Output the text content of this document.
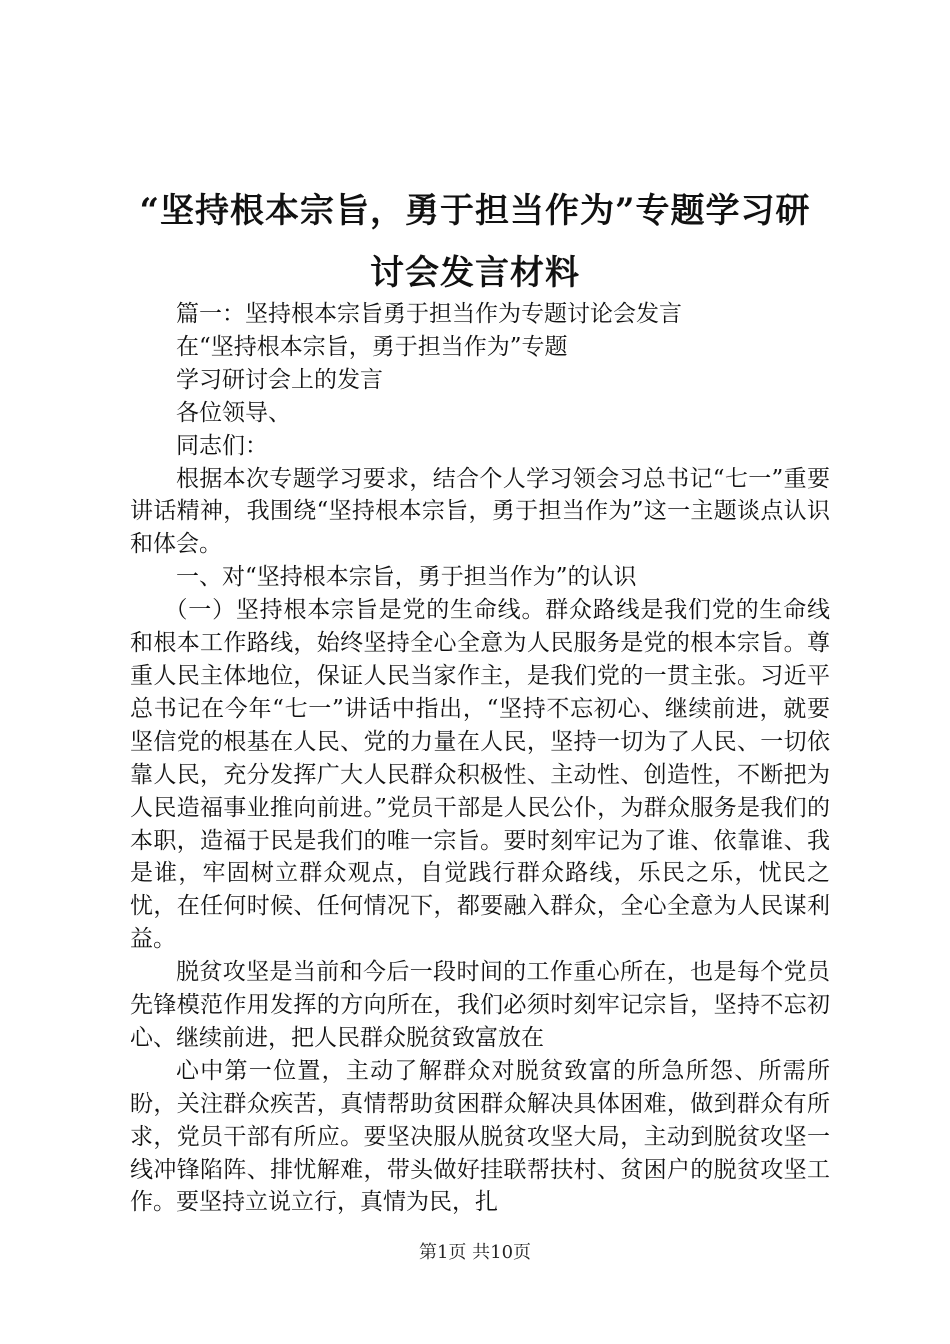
“坚持根本宗旨，勇于担当作为”专题学习研
讨会发言材料

篇一：坚持根本宗旨勇于担当作为专题讨论会发言

在“坚持根本宗旨，勇于担当作为”专题

学习研讨会上的发言

各位领导、

同志们：

根据本次专题学习要求，结合个人学习领会习总书记“七一”重要讲话精神，我围绕“坚持根本宗旨，勇于担当作为”这一主题谈点认识和体会。

一、对“坚持根本宗旨，勇于担当作为”的认识

（一）坚持根本宗旨是党的生命线。群众路线是我们党的生命线和根本工作路线，始终坚持全心全意为人民服务是党的根本宗旨。尊重人民主体地位，保证人民当家作主，是我们党的一贯主张。习近平总书记在今年“七一”讲话中指出，“坚持不忘初心、继续前进，就要坚信党的根基在人民、党的力量在人民，坚持一切为了人民、一切依靠人民，充分发挥广大人民群众积极性、主动性、创造性，不断把为人民造福事业推向前进。”党员干部是人民公仆，为群众服务是我们的本职，造福于民是我们的唯一宗旨。要时刻牢记为了谁、依靠谁、我是谁，牢固树立群众观点，自觉践行群众路线，乐民之乐，忧民之忧，在任何时候、任何情况下，都要融入群众，全心全意为人民谋利益。

脱贫攻坚是当前和今后一段时间的工作重心所在，也是每个党员先锋模范作用发挥的方向所在，我们必须时刻牢记宗旨，坚持不忘初心、继续前进，把人民群众脱贫致富放在

心中第一位置，主动了解群众对脱贫致富的所急所怨、所需所盼，关注群众疾苦，真情帮助贫困群众解决具体困难，做到群众有所求，党员干部有所应。要坚决服从脱贫攻坚大局，主动到脱贫攻坚一线冲锋陷阵、排忧解难，带头做好挂联帮扶村、贫困户的脱贫攻坚工作。要坚持立说立行，真情为民，扎

第1页 共10页
